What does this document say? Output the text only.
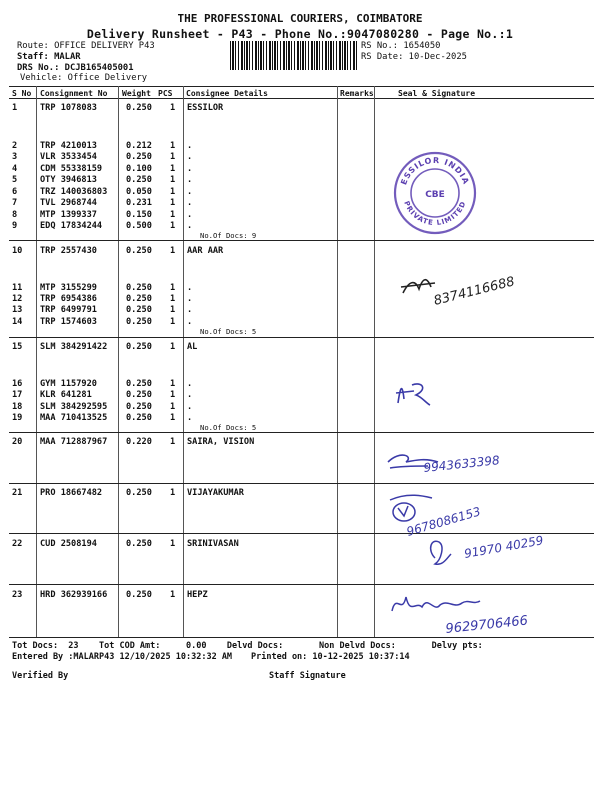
THE PROFESSIONAL COURIERS, COIMBATORE
Delivery Runsheet - P43 - Phone No.:9047080280 - Page No.:1
Route: OFFICE DELIVERY P43
Staff: MALAR
DRS No.: DCJB165405001
Vehicle: Office Delivery
RS No.: 1654050
RS Date: 10-Dec-2025
S No Consignment No Weight PCS Consignee Details	Remarks	Seal & Signature
1	TRP 1078083	0.250 1 ESSILOR
2	TRP 4210013	0.212 1 .
3	VLR 3533454	0.250 1 .
4	CDM 55338159	0.100 1 .
5	OTY 3946813	0.250 1 .
6	TRZ 140036803 0.050 1 .
7	TVL 2968744	0.231 1 .
8	MTP 1399337	0.150 1 .
9	EDQ 17834244	0.500 1 .
No.Of Docs: 9
10 TRP 2557430	0.250 1 AAR AAR
11 MTP 3155299	0.250 1 .
12 TRP 6954386	0.250 1 .
13 TRP 6499791	0.250 1 .
14 TRP 1574603	0.250 1 .
No.Of Docs: 5
15 SLM 384291422 0.250 1 AL
16 GYM 1157920	0.250 1 .
17 KLR 641281	0.250 1 .
18 SLM 384292595 0.250 1 .
19 MAA 710413525 0.250 1 .
No.Of Docs: 5
20 MAA 712887967 0.220 1 SAIRA, VISION
21 PRO 18667482	0.250 1 VIJAYAKUMAR
22 CUD 2508194	0.250 1 SRINIVASAN
23 HRD 362939166 0.250 1 HEPZ
ESSILOR INDIA
PRIVATE LIMITED
CBE
8374116688
9943633398
9678086153
91970 40259
9629706466
Tot Docs:  23    Tot COD Amt:     0.00    Delvd Docs:       Non Delvd Docs:       Delvy pts:
Entered By :MALARP43 12/10/2025 10:32:32 AM Printed on: 10-12-2025 10:37:14
Verified By	Staff Signature
